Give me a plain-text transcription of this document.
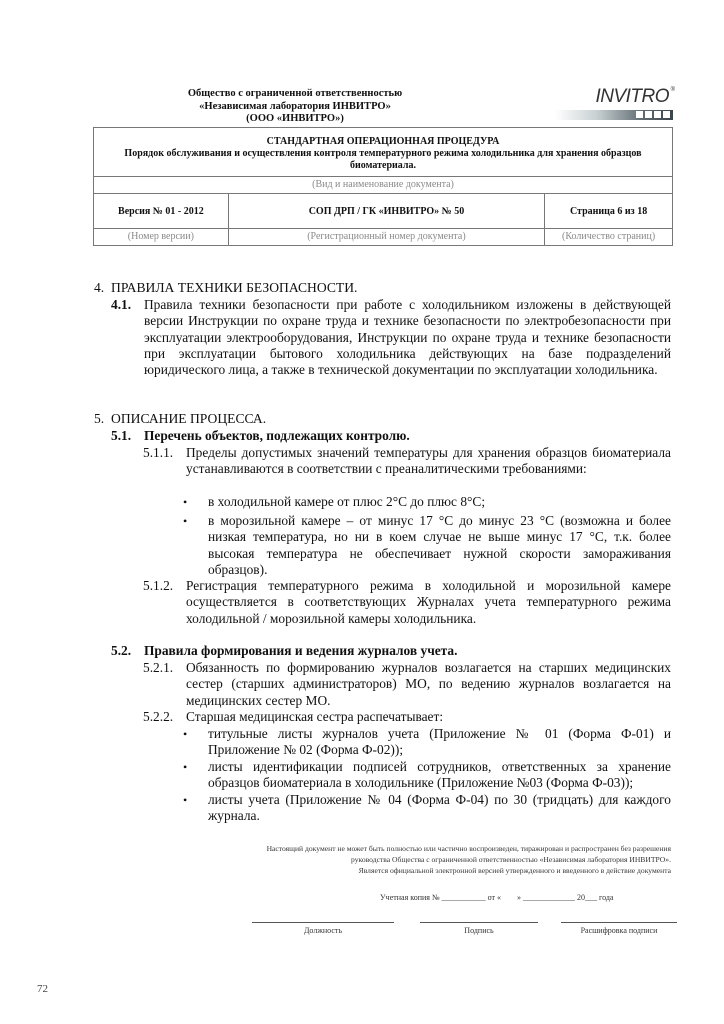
Общество с ограниченной ответственностью
«Независимая лаборатория ИНВИТРО»
(ООО «ИНВИТРО»)
INVITRO ®
СТАНДАРТНАЯ ОПЕРАЦИОННАЯ ПРОЦЕДУРА
Порядок обслуживания и осуществления контроля температурного режима холодильника для хранения образцов биоматериала.		

(Вид и наименование документа)		
Версия № 01 - 2012	СОП ДРП / ГК «ИНВИТРО» № 50	Страница 6 из 18
(Номер версии)	(Регистрационный номер документа)	(Количество страниц)
4. ПРАВИЛА ТЕХНИКИ БЕЗОПАСНОСТИ.
4.1. Правила техники безопасности при работе с холодильником изложены в действующей версии Инструкции по охране труда и технике безопасности по электробезопасности при эксплуатации электрооборудования, Инструкции по охране труда и технике безопасности при эксплуатации бытового холодильника действующих на базе подразделений юридического лица, а также в технической документации по эксплуатации холодильника.
5. ОПИСАНИЕ ПРОЦЕССА.
5.1. Перечень объектов, подлежащих контролю.
5.1.1. Пределы допустимых значений температуры для хранения образцов биоматериала устанавливаются в соответствии с преаналитическими требованиями:
• в холодильной камере от плюс 2°С до плюс 8°С;
• в морозильной камере – от минус 17 °С до минус 23 °С (возможна и более низкая температура, но ни в коем случае не выше минус 17 °С, т.к. более высокая температура не обеспечивает нужной скорости замораживания образцов).
5.1.2. Регистрация температурного режима в холодильной и морозильной камере осуществляется в соответствующих Журналах учета температурного режима холодильной / морозильной камеры холодильника.
5.2. Правила формирования и ведения журналов учета.
5.2.1. Обязанность по формированию журналов возлагается на старших медицинских сестер (старших администраторов) МО, по ведению журналов возлагается на медицинских сестер МО.
5.2.2. Старшая медицинская сестра распечатывает:
• титульные листы журналов учета (Приложение № 01 (Форма Ф-01) и Приложение № 02 (Форма Ф-02));
• листы идентификации подписей сотрудников, ответственных за хранение образцов биоматериала в холодильнике (Приложение №03 (Форма Ф-03));
• листы учета (Приложение № 04 (Форма Ф-04) по 30 (тридцать) для каждого журнала.
Настоящий документ не может быть полностью или частично воспроизведен, тиражирован и распространен без разрешения
руководства Общества с ограниченной ответственностью «Независимая лаборатория ИНВИТРО».
Является официальной электронной версией утвержденного и введенного в действие документа
Учетная копия № ___________ от «        » _____________ 20___ года
Должность	Подпись	Расшифровка подписи
72
